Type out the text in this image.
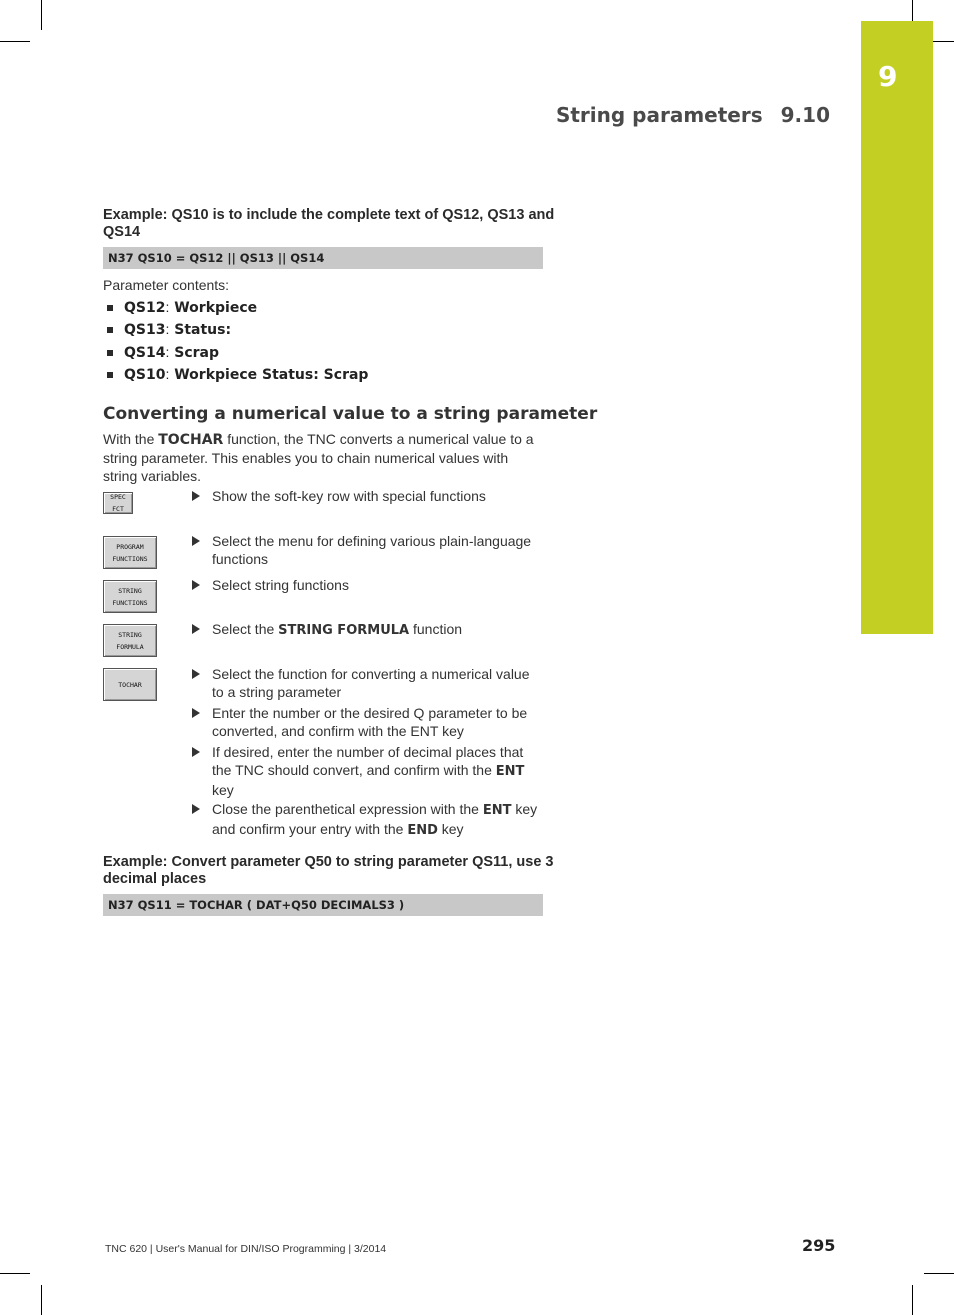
9
String parameters 9.10
Example: QS10 is to include the complete text of QS12, QS13 and QS14
N37 QS10 = QS12 || QS13 || QS14
Parameter contents:
QS12: Workpiece
QS13: Status:
QS14: Scrap
QS10: Workpiece Status: Scrap
Converting a numerical value to a string parameter
With the TOCHAR function, the TNC converts a numerical value to a string parameter. This enables you to chain numerical values with string variables.
SPEC
FCT
PROGRAM
FUNCTIONS
STRING
FUNCTIONS
STRING
FORMULA
TOCHAR
Show the soft-key row with special functions
Select the menu for defining various plain-language functions
Select string functions
Select the STRING FORMULA function
Select the function for converting a numerical value to a string parameter
Enter the number or the desired Q parameter to be converted, and confirm with the ENT key
If desired, enter the number of decimal places that the TNC should convert, and confirm with the ENT key
Close the parenthetical expression with the ENT key and confirm your entry with the END key
Example: Convert parameter Q50 to string parameter QS11, use 3 decimal places
N37 QS11 = TOCHAR ( DAT+Q50 DECIMALS3 )
TNC 620 | User's Manual for DIN/ISO Programming | 3/2014	295
